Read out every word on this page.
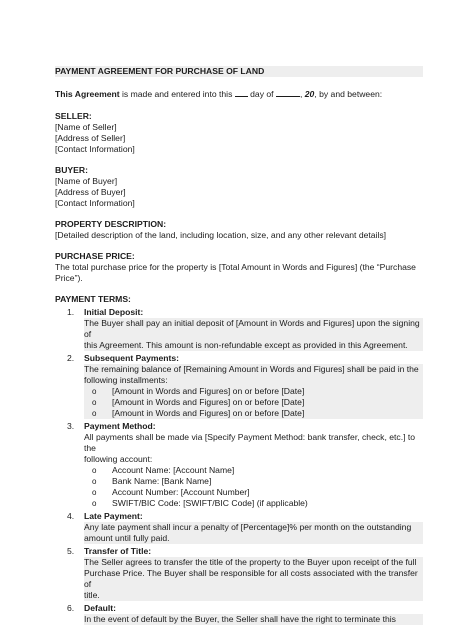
PAYMENT AGREEMENT FOR PURCHASE OF LAND
This Agreement is made and entered into this  day of	, 20, by and between:
SELLER:
[Name of Seller]
[Address of Seller]
[Contact Information]
BUYER:
[Name of Buyer]
[Address of Buyer]
[Contact Information]
PROPERTY DESCRIPTION:
[Detailed description of the land, including location, size, and any other relevant details]
PURCHASE PRICE:
The total purchase price for the property is [Total Amount in Words and Figures] (the “Purchase
Price”).
PAYMENT TERMS:
1. Initial Deposit:
The Buyer shall pay an initial deposit of [Amount in Words and Figures] upon the signing of
this Agreement. This amount is non-refundable except as provided in this Agreement.
2. Subsequent Payments:
The remaining balance of [Remaining Amount in Words and Figures] shall be paid in the
following installments:
o [Amount in Words and Figures] on or before [Date]
o [Amount in Words and Figures] on or before [Date]
o [Amount in Words and Figures] on or before [Date]
3. Payment Method:
All payments shall be made via [Specify Payment Method: bank transfer, check, etc.] to the
following account:
o Account Name: [Account Name]
o Bank Name: [Bank Name]
o Account Number: [Account Number]
o SWIFT/BIC Code: [SWIFT/BIC Code] (if applicable)
4. Late Payment:
Any late payment shall incur a penalty of [Percentage]% per month on the outstanding
amount until fully paid.
5. Transfer of Title:
The Seller agrees to transfer the title of the property to the Buyer upon receipt of the full
Purchase Price. The Buyer shall be responsible for all costs associated with the transfer of
title.
6. Default:
In the event of default by the Buyer, the Seller shall have the right to terminate this
